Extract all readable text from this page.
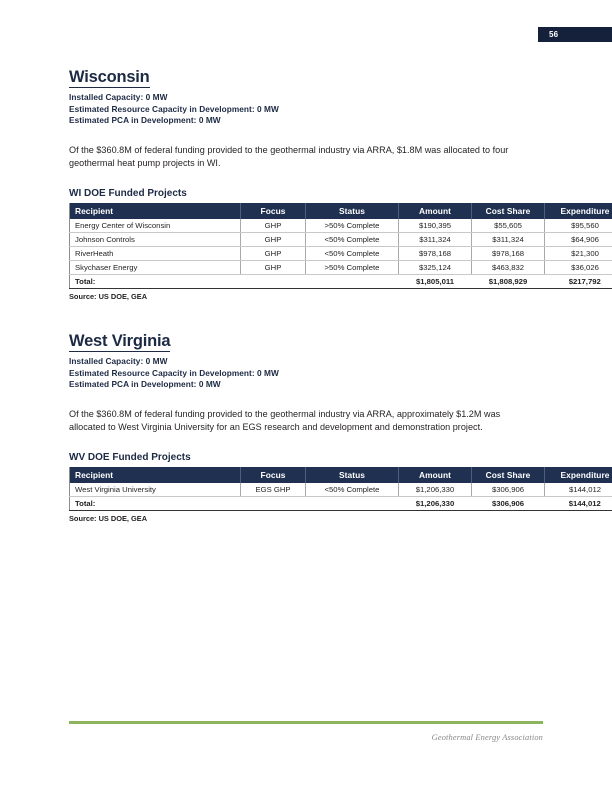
56
Wisconsin

Installed Capacity: 0 MW

Estimated Resource Capacity in Development: 0 MW

Estimated PCA in Development: 0 MW

Of the $360.8M of federal funding provided to the geothermal industry via ARRA, $1.8M was allocated to four geothermal heat pump projects in WI.

WI DOE Funded Projects

Recipient	Focus	Status	Amount	Cost Share	Expenditure
Energy Center of Wisconsin	GHP	>50% Complete	$190,395	$55,605	$95,560
Johnson Controls	GHP	<50% Complete	$311,324	$311,324	$64,906
RiverHeath	GHP	<50% Complete	$978,168	$978,168	$21,300
Skychaser Energy	GHP	>50% Complete	$325,124	$463,832	$36,026
Total:			$1,805,011	$1,808,929	$217,792

Source: US DOE, GEA

West Virginia

Installed Capacity: 0 MW

Estimated Resource Capacity in Development: 0 MW

Estimated PCA in Development: 0 MW

Of the $360.8M of federal funding provided to the geothermal industry via ARRA, approximately $1.2M was allocated to West Virginia University for an EGS research and development and demonstration project.

WV DOE Funded Projects

Recipient	Focus	Status	Amount	Cost Share	Expenditure
West Virginia University	EGS GHP	<50% Complete	$1,206,330	$306,906	$144,012
Total:			$1,206,330	$306,906	$144,012

Source: US DOE, GEA

Geothermal Energy Association
